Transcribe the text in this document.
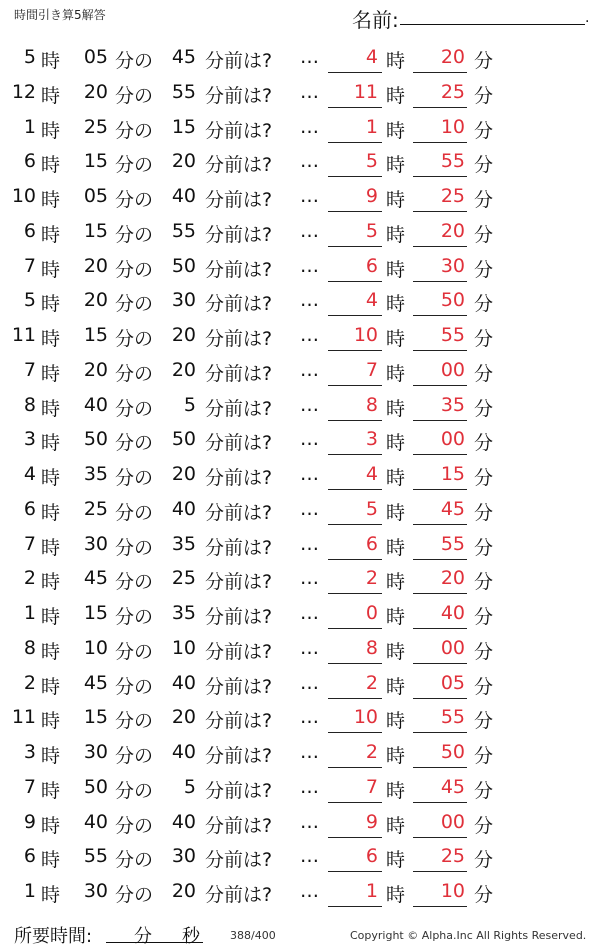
時間引き算5解答	名前:	.
5 時	05 分の 45 分前は? …	4 時	20 分
12 時	20 分の 55 分前は? …	11 時	25 分
1 時	25 分の 15 分前は? …	1 時	10 分
6 時	15 分の 20 分前は? …	5 時	55 分
10 時	05 分の 40 分前は? …	9 時	25 分
6 時	15 分の 55 分前は? …	5 時	20 分
7 時	20 分の 50 分前は? …	6 時	30 分
5 時	20 分の 30 分前は? …	4 時	50 分
11 時	15 分の 20 分前は? …	10 時	55 分
7 時	20 分の 20 分前は? …	7 時	00 分
8 時	40 分の	5 分前は? …	8 時	35 分
3 時	50 分の 50 分前は? …	3 時	00 分
4 時	35 分の 20 分前は? …	4 時	15 分
6 時	25 分の 40 分前は? …	5 時	45 分
7 時	30 分の 35 分前は? …	6 時	55 分
2 時	45 分の 25 分前は? …	2 時	20 分
1 時	15 分の 35 分前は? …	0 時	40 分
8 時	10 分の 10 分前は? …	8 時	00 分
2 時	45 分の 40 分前は? …	2 時	05 分
11 時	15 分の 20 分前は? …	10 時	55 分
3 時	30 分の 40 分前は? …	2 時	50 分
7 時	50 分の	5 分前は? …	7 時	45 分
9 時	40 分の 40 分前は? …	9 時	00 分
6 時	55 分の 30 分前は? …	6 時	25 分
1 時	30 分の 20 分前は? …	1 時	10 分
所要時間: 分 秒	388/400	Copyright © Alpha.Inc All Rights Reserved.
